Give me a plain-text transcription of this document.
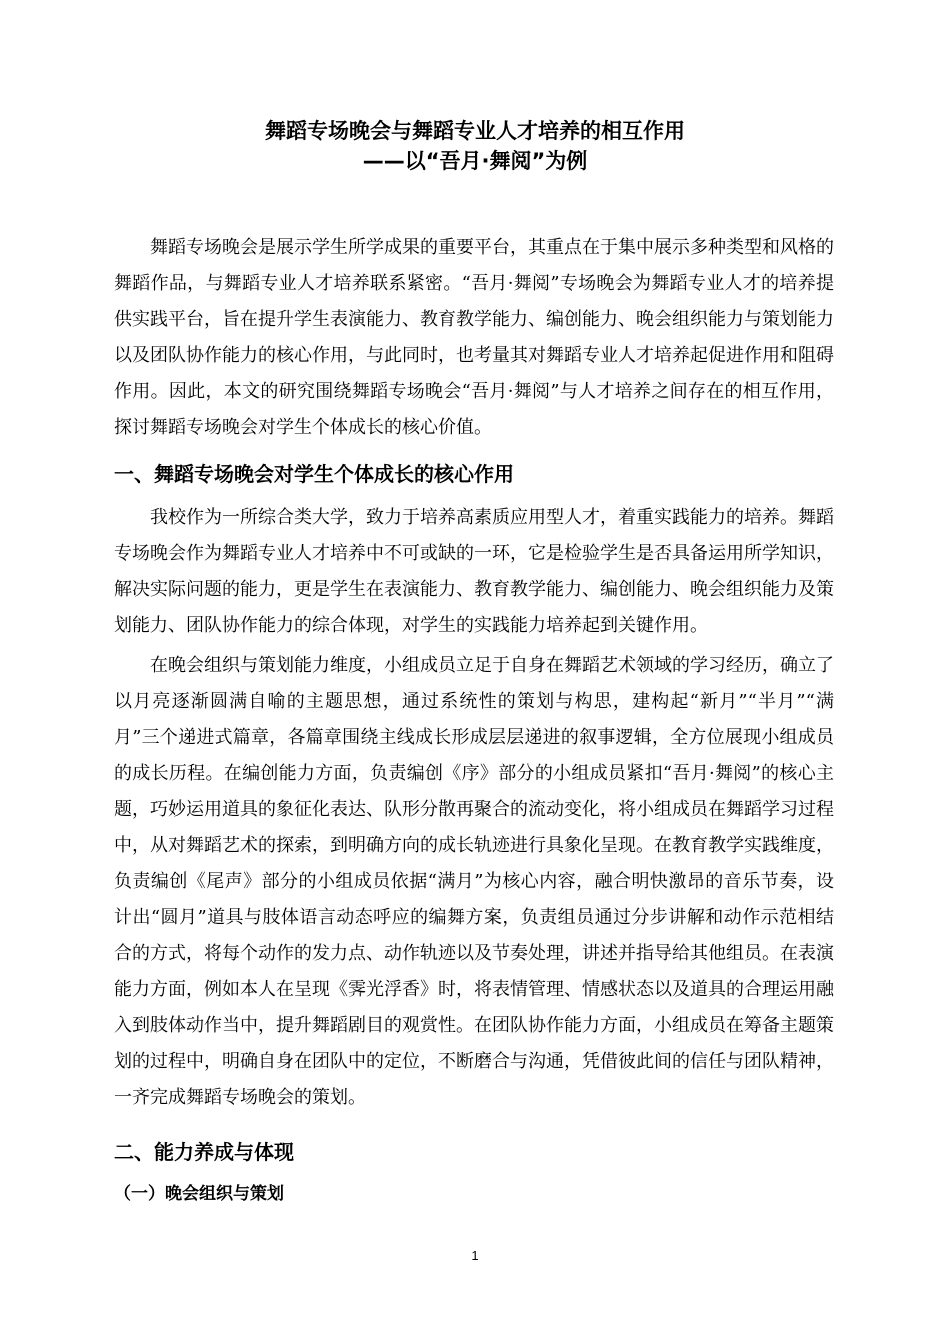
舞蹈专场晚会与舞蹈专业人才培养的相互作用
——以“吾月·舞阅”为例

舞蹈专场晚会是展示学生所学成果的重要平台，其重点在于集中展示多种类型和风格的舞蹈作品，与舞蹈专业人才培养联系紧密。“吾月·舞阅”专场晚会为舞蹈专业人才的培养提供实践平台，旨在提升学生表演能力、教育教学能力、编创能力、晚会组织能力与策划能力以及团队协作能力的核心作用，与此同时，也考量其对舞蹈专业人才培养起促进作用和阻碍作用。因此，本文的研究围绕舞蹈专场晚会“吾月·舞阅”与人才培养之间存在的相互作用，探讨舞蹈专场晚会对学生个体成长的核心价值。

一、舞蹈专场晚会对学生个体成长的核心作用

我校作为一所综合类大学，致力于培养高素质应用型人才，着重实践能力的培养。舞蹈专场晚会作为舞蹈专业人才培养中不可或缺的一环，它是检验学生是否具备运用所学知识，解决实际问题的能力，更是学生在表演能力、教育教学能力、编创能力、晚会组织能力及策划能力、团队协作能力的综合体现，对学生的实践能力培养起到关键作用。

在晚会组织与策划能力维度，小组成员立足于自身在舞蹈艺术领域的学习经历，确立了以月亮逐渐圆满自喻的主题思想，通过系统性的策划与构思，建构起“新月”“半月”“满月”三个递进式篇章，各篇章围绕主线成长形成层层递进的叙事逻辑，全方位展现小组成员的成长历程。在编创能力方面，负责编创《序》部分的小组成员紧扣“吾月·舞阅”的核心主题，巧妙运用道具的象征化表达、队形分散再聚合的流动变化，将小组成员在舞蹈学习过程中，从对舞蹈艺术的探索，到明确方向的成长轨迹进行具象化呈现。在教育教学实践维度，负责编创《尾声》部分的小组成员依据“满月”为核心内容，融合明快激昂的音乐节奏，设计出“圆月”道具与肢体语言动态呼应的编舞方案，负责组员通过分步讲解和动作示范相结合的方式，将每个动作的发力点、动作轨迹以及节奏处理，讲述并指导给其他组员。在表演能力方面，例如本人在呈现《霁光浮香》时，将表情管理、情感状态以及道具的合理运用融入到肢体动作当中，提升舞蹈剧目的观赏性。在团队协作能力方面，小组成员在筹备主题策划的过程中，明确自身在团队中的定位，不断磨合与沟通，凭借彼此间的信任与团队精神，一齐完成舞蹈专场晚会的策划。

二、能力养成与体现
（一）晚会组织与策划
1
